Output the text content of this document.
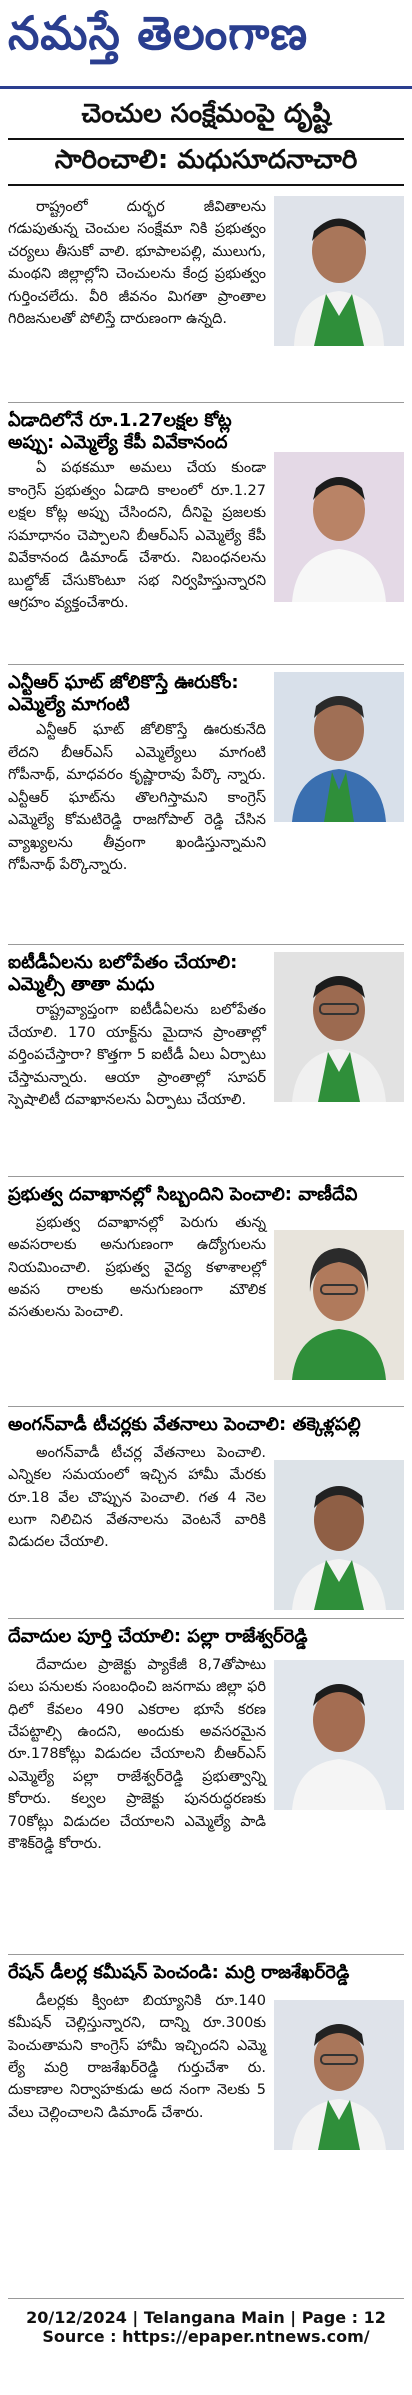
నమస్తే తెలంగాణ
చెంచుల సంక్షేమంపై దృష్టి
సారించాలి: మధుసూదనాచారి
రాష్ట్రంలో దుర్భర జీవితాలను గడుపుతున్న చెంచుల సంక్షేమా నికి ప్రభుత్వం చర్యలు తీసుకో వాలి. భూపాలపల్లి, ములుగు, మంథని జిల్లాల్లోని చెంచులను కేంద్ర ప్రభుత్వం గుర్తించలేదు. వీరి జీవనం మిగతా ప్రాంతాల గిరిజనులతో పోలిస్తే దారుణంగా ఉన్నది.
ఏడాదిలోనే రూ.1.27లక్షల కోట్ల అప్పు: ఎమ్మెల్యే కేపీ వివేకానంద
ఏ పథకమూ అమలు చేయ కుండా కాంగ్రెస్ ప్రభుత్వం ఏడాది కాలంలో రూ.1.27 లక్షల కోట్ల అప్పు చేసిందని, దీనిపై ప్రజలకు సమాధానం చెప్పాలని బీఆర్ఎస్ ఎమ్మెల్యే కేపీ వివేకానంద డిమాండ్ చేశారు. నిబంధనలను బుల్డోజ్ చేసుకొంటూ సభ నిర్వహిస్తున్నారని ఆగ్రహం వ్యక్తంచేశారు.
ఎన్టీఆర్ ఘాట్ జోలికొస్తే ఊరుకోం: ఎమ్మెల్యే మాగంటి
ఎన్టీఆర్ ఘాట్ జోలికొస్తే ఊరుకునేది లేదని బీఆర్ఎస్ ఎమ్మెల్యేలు మాగంటి గోపీనాథ్, మాధవరం కృష్ణారావు పేర్కొ న్నారు. ఎన్టీఆర్ ఘాట్‌ను తొలగిస్తామని కాంగ్రెస్ ఎమ్మెల్యే కోమటిరెడ్డి రాజగోపాల్ రెడ్డి చేసిన వ్యాఖ్యలను తీవ్రంగా ఖండిస్తున్నామని గోపీనాథ్ పేర్కొన్నారు.
ఐటీడీఏలను బలోపేతం చేయాలి: ఎమ్మెల్సీ తాతా మధు
రాష్ట్రవ్యాప్తంగా ఐటీడీఏలను బలోపేతం చేయాలి. 170 యాక్ట్‌ను మైదాన ప్రాంతాల్లో వర్తింపచేస్తారా? కొత్తగా 5 ఐటీడీ ఏలు ఏర్పాటు చేస్తామన్నారు. ఆయా ప్రాంతాల్లో సూపర్ స్పెషాలిటీ దవాఖానలను ఏర్పాటు చేయాలి.
ప్రభుత్వ దవాఖానల్లో సిబ్బందిని పెంచాలి: వాణీదేవి
ప్రభుత్వ దవాఖానల్లో పెరుగు తున్న అవసరాలకు అనుగుణంగా ఉద్యోగులను నియమించాలి. ప్రభుత్వ వైద్య కళాశాలల్లో అవస రాలకు అనుగుణంగా మౌలిక వసతులను పెంచాలి.
అంగన్‌వాడీ టీచర్లకు వేతనాలు పెంచాలి: తక్కెళ్లపల్లి
అంగన్‌వాడీ టీచర్ల వేతనాలు పెంచాలి. ఎన్నికల సమయంలో ఇచ్చిన హామీ మేరకు రూ.18 వేల చొప్పున పెంచాలి. గత 4 నెల లుగా నిలిచిన వేతనాలను వెంటనే వారికి విడుదల చేయాలి.
దేవాదుల పూర్తి చేయాలి: పల్లా రాజేశ్వర్‌రెడ్డి
దేవాదుల ప్రాజెక్టు ప్యాకేజీ 8,7తోపాటు పలు పనులకు సంబంధించి జనగామ జిల్లా ఫరి ధిలో కేవలం 490 ఎకరాల భూసే కరణ చేపట్టాల్సి ఉందని, అందుకు అవసరమైన రూ.178కోట్లు విడుదల చేయాలని బీఆర్ఎస్ ఎమ్మెల్యే పల్లా రాజేశ్వర్‌రెడ్డి ప్రభుత్వాన్ని కోరారు. కల్వల ప్రాజెక్టు పునరుద్ధరణకు 70కోట్లు విడుదల చేయాలని ఎమ్మెల్యే పాడి కౌశిక్‌రెడ్డి కోరారు.
రేషన్ డీలర్ల కమీషన్ పెంచండి: మర్రి రాజశేఖర్‌రెడ్డి
డీలర్లకు క్వింటా బియ్యానికి రూ.140 కమీషన్ చెల్లిస్తున్నారని, దాన్ని రూ.300కు పెంచుతామని కాంగ్రెస్ హామీ ఇచ్చిందని ఎమ్మె ల్యే మర్రి రాజశేఖర్‌రెడ్డి గుర్తుచేశా రు. దుకాణాల నిర్వాహకుడు అద నంగా నెలకు 5 వేలు చెల్లించాలని డిమాండ్ చేశారు.
20/12/2024 | Telangana Main | Page : 12
Source : https://epaper.ntnews.com/
